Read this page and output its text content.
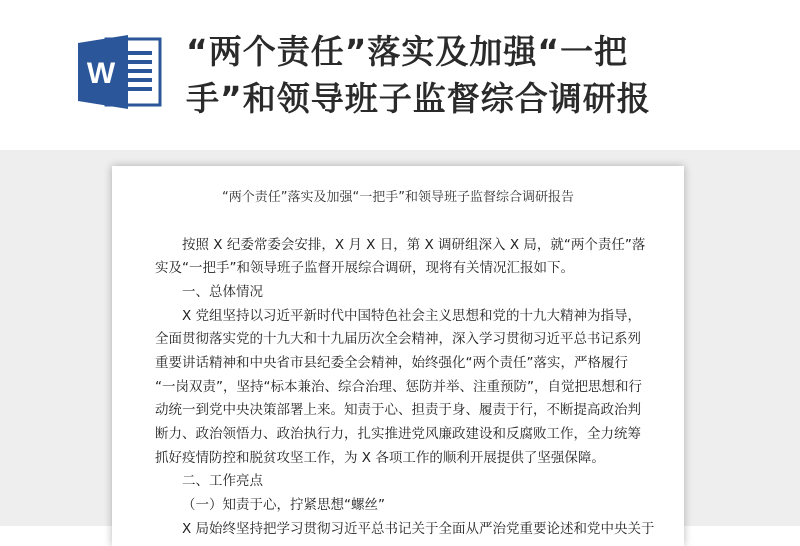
W
“两个责任”落实及加强“一把
手”和领导班子监督综合调研报
“两个责任”落实及加强“一把手”和领导班子监督综合调研报告
按照 X 纪委常委会安排，X 月 X 日，第 X 调研组深入 X 局，就“两个责任”落
实及“一把手”和领导班子监督开展综合调研，现将有关情况汇报如下。
一、总体情况
X 党组坚持以习近平新时代中国特色社会主义思想和党的十九大精神为指导，
全面贯彻落实党的十九大和十九届历次全会精神，深入学习贯彻习近平总书记系列
重要讲话精神和中央省市县纪委全会精神，始终强化“两个责任”落实，严格履行
“一岗双责”，坚持“标本兼治、综合治理、惩防并举、注重预防”，自觉把思想和行
动统一到党中央决策部署上来。知责于心、担责于身、履责于行，不断提高政治判
断力、政治领悟力、政治执行力，扎实推进党风廉政建设和反腐败工作，全力统筹
抓好疫情防控和脱贫攻坚工作，为 X 各项工作的顺利开展提供了坚强保障。
二、工作亮点
（一）知责于心，拧紧思想“螺丝”
X 局始终坚持把学习贯彻习近平总书记关于全面从严治党重要论述和党中央关于
